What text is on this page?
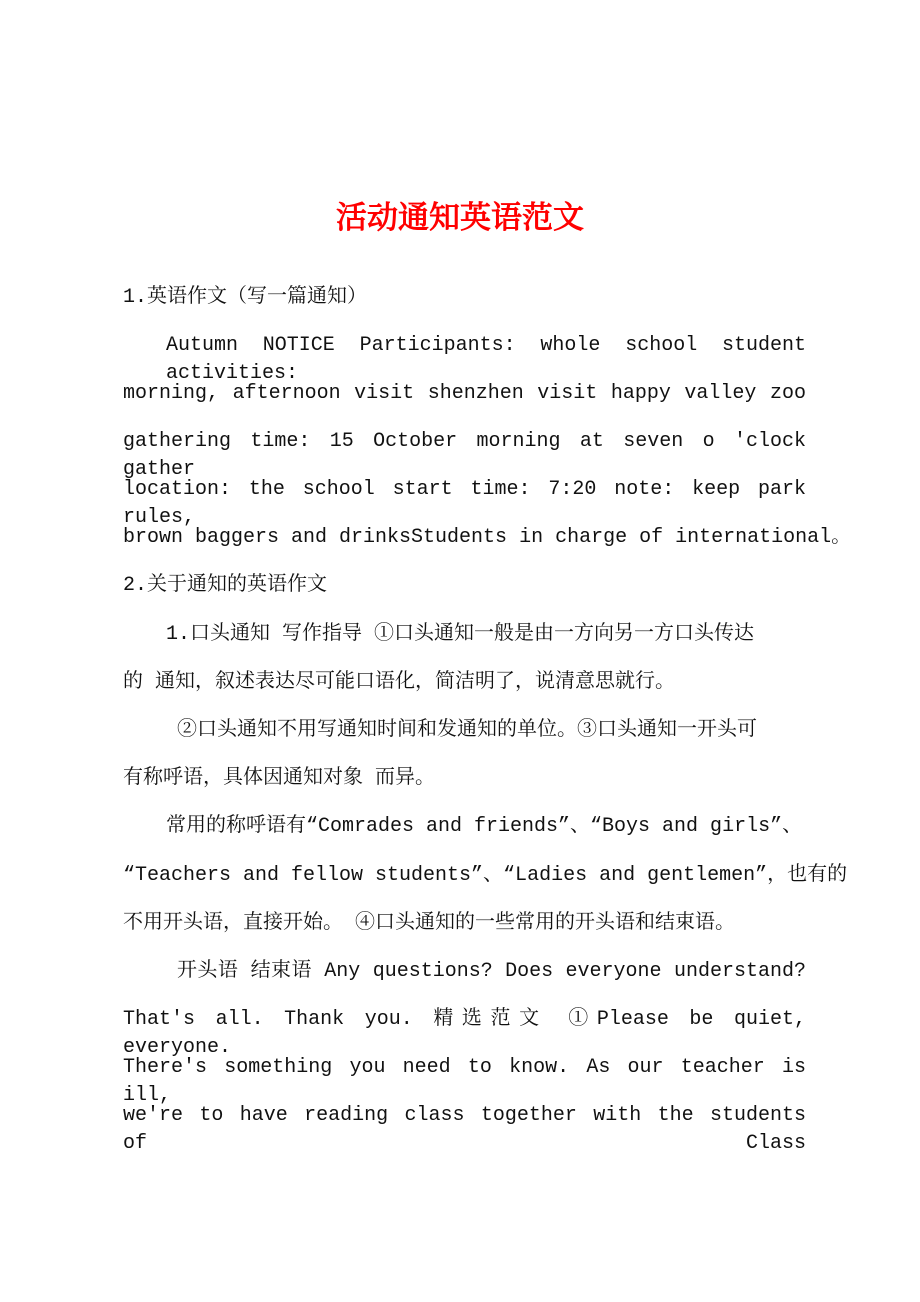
活动通知英语范文
1.英语作文（写一篇通知）
Autumn NOTICE Participants: whole school student activities:
morning, afternoon visit shenzhen visit happy valley zoo
gathering time: 15 October morning at seven o 'clock gather
location: the school start time: 7:20 note: keep park rules,
brown baggers and drinksStudents in charge of international。
2.关于通知的英语作文
1.口头通知 写作指导 ①口头通知一般是由一方向另一方口头传达
的 通知，叙述表达尽可能口语化，简洁明了，说清意思就行。
②口头通知不用写通知时间和发通知的单位。③口头通知一开头可
有称呼语，具体因通知对象 而异。
常用的称呼语有“Comrades and friends”、“Boys and girls”、
“Teachers and fellow students”、“Ladies and gentlemen”，也有的
不用开头语，直接开始。 ④口头通知的一些常用的开头语和结束语。
开头语 结束语 Any questions? Does everyone understand?
That's all. Thank you. 精选范文 ①Please be quiet, everyone.
There's something you need to know. As our teacher is ill,
we're to have reading class together with the students of Class
